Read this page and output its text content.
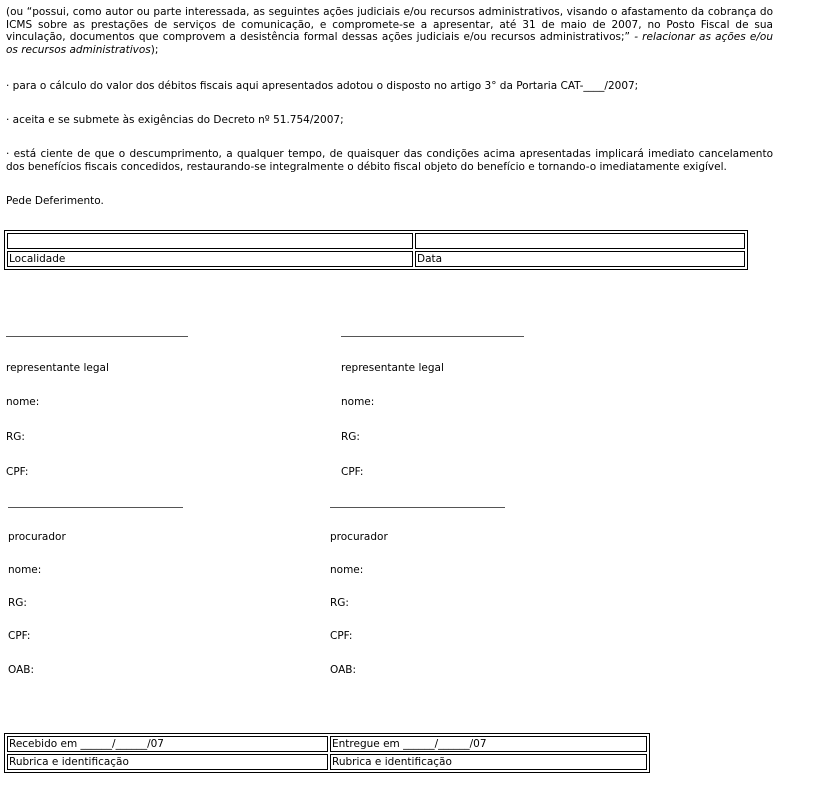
(ou “possui, como autor ou parte interessada, as seguintes ações judiciais e/ou recursos administrativos, visando o afastamento da cobrança do ICMS sobre as prestações de serviços de comunicação, e compromete-se a apresentar, até 31 de maio de 2007, no Posto Fiscal de sua vinculação, documentos que comprovem a desistência formal dessas ações judiciais e/ou recursos administrativos;” - relacionar as ações e/ou os recursos administrativos);
· para o cálculo do valor dos débitos fiscais aqui apresentados adotou o disposto no artigo 3° da Portaria CAT-____/2007;
· aceita e se submete às exigências do Decreto nº 51.754/2007;
· está ciente de que o descumprimento, a qualquer tempo, de quaisquer das condições acima apresentadas implicará imediato cancelamento dos benefícios fiscais concedidos, restaurando-se integralmente o débito fiscal objeto do benefício e tornando-o imediatamente exigível.
Pede Deferimento.

Localidade	Data
representante legal	representante legal
nome:	nome:
RG:	RG:
CPF:	CPF:
procurador	procurador
nome:	nome:
RG:	RG:
CPF:	CPF:
OAB:	OAB:
Recebido em ______/______/07	Entregue em ______/______/07
Rubrica e identificação	Rubrica e identificação
